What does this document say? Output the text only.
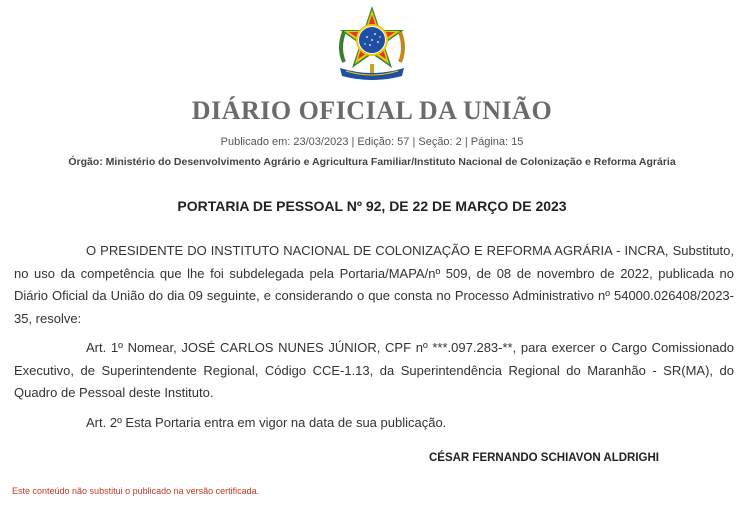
DIÁRIO OFICIAL DA UNIÃO
Publicado em: 23/03/2023 | Edição: 57 | Seção: 2 | Página: 15
Órgão: Ministério do Desenvolvimento Agrário e Agricultura Familiar/Instituto Nacional de Colonização e Reforma Agrária
PORTARIA DE PESSOAL Nº 92, DE 22 DE MARÇO DE 2023

O PRESIDENTE DO INSTITUTO NACIONAL DE COLONIZAÇÃO E REFORMA AGRÁRIA - INCRA, Substituto, no uso da competência que lhe foi subdelegada pela Portaria/MAPA/nº 509, de 08 de novembro de 2022, publicada no Diário Oficial da União do dia 09 seguinte, e considerando o que consta no Processo Administrativo nº 54000.026408/2023-35, resolve:

Art. 1º Nomear, JOSÉ CARLOS NUNES JÚNIOR, CPF nº ***.097.283-**, para exercer o Cargo Comissionado Executivo, de Superintendente Regional, Código CCE-1.13, da Superintendência Regional do Maranhão - SR(MA), do Quadro de Pessoal deste Instituto.

Art. 2º Esta Portaria entra em vigor na data de sua publicação.

CÉSAR FERNANDO SCHIAVON ALDRIGHI
Este conteúdo não substitui o publicado na versão certificada.
